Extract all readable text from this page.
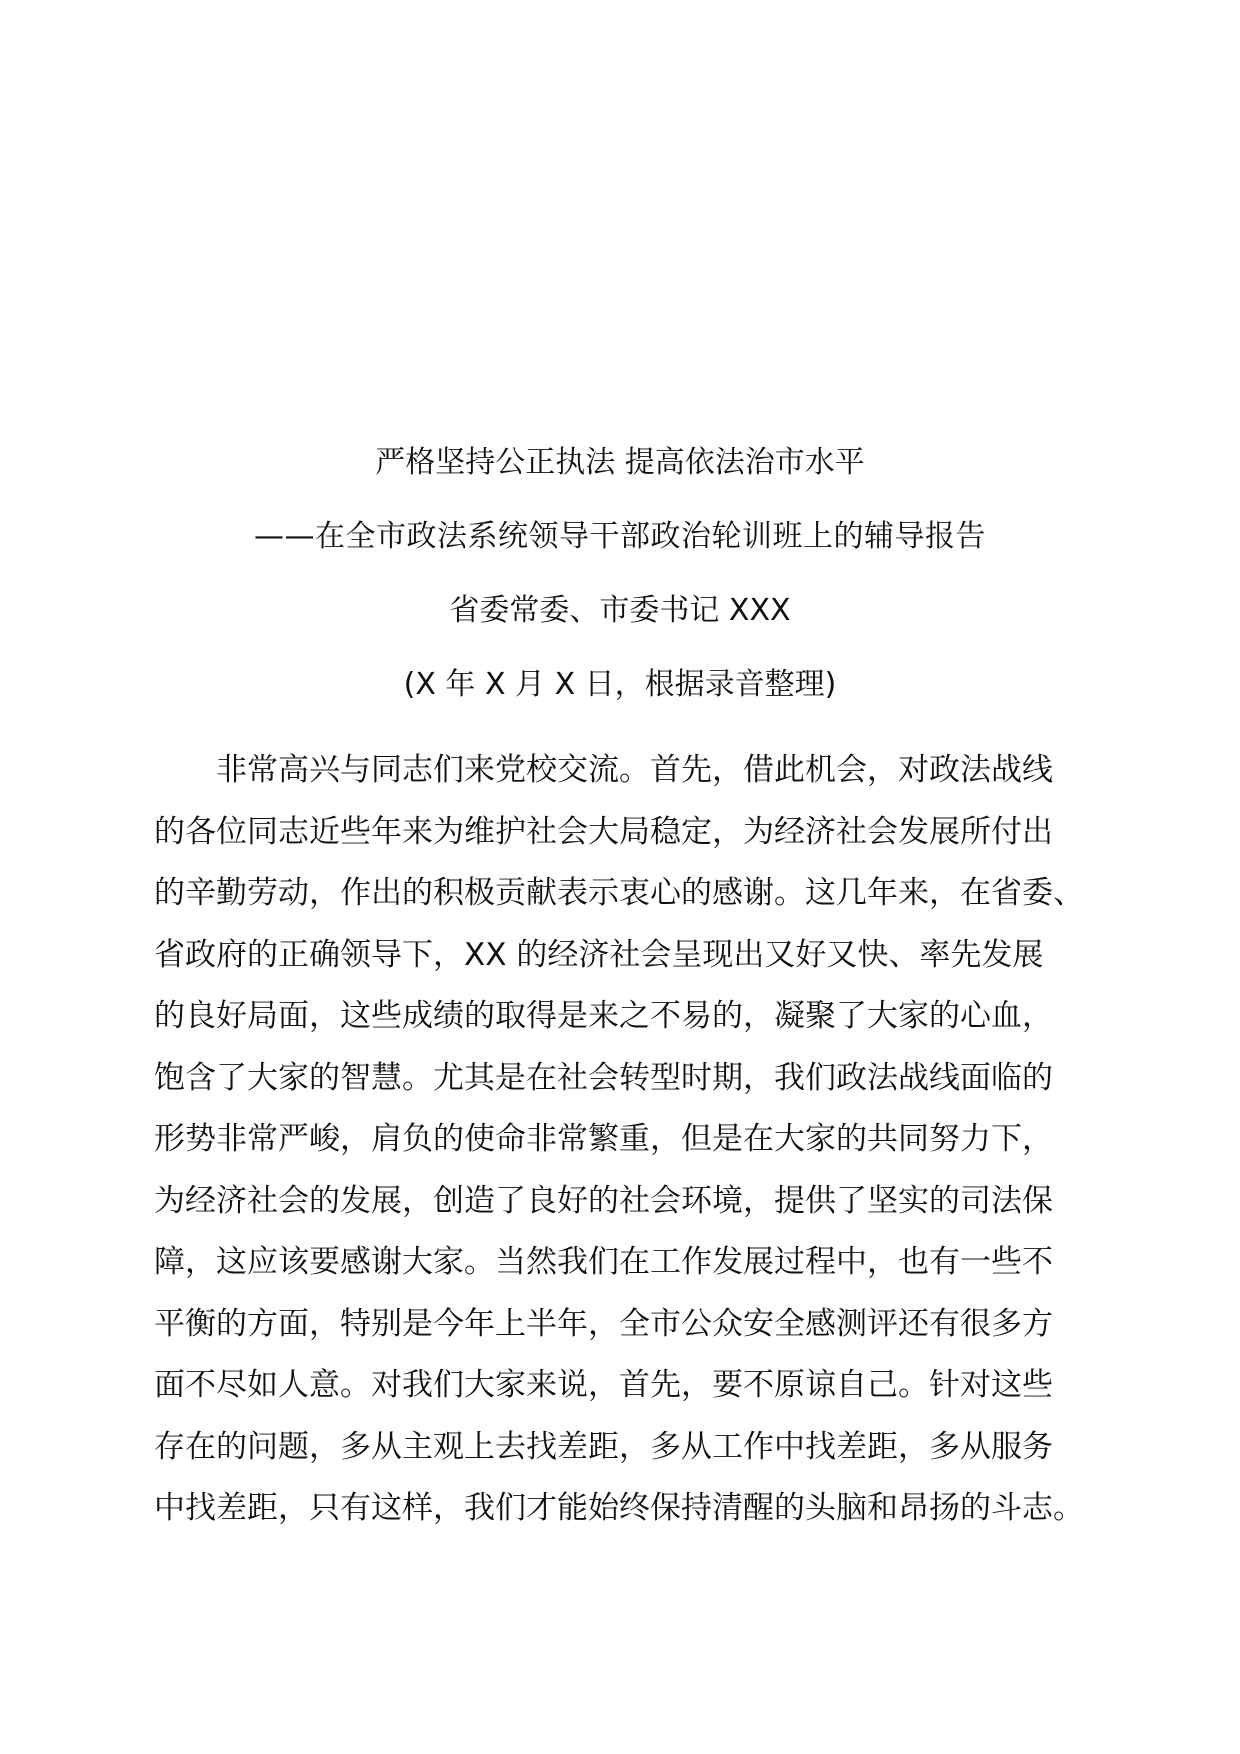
严格坚持公正执法 提高依法治市水平

——在全市政法系统领导干部政治轮训班上的辅导报告

省委常委、市委书记 XXX

(X 年 X 月 X 日，根据录音整理)

非常高兴与同志们来党校交流。首先，借此机会，对政法战线
的各位同志近些年来为维护社会大局稳定，为经济社会发展所付出
的辛勤劳动，作出的积极贡献表示衷心的感谢。这几年来，在省委、
省政府的正确领导下，XX 的经济社会呈现出又好又快、率先发展
的良好局面，这些成绩的取得是来之不易的，凝聚了大家的心血，
饱含了大家的智慧。尤其是在社会转型时期，我们政法战线面临的
形势非常严峻，肩负的使命非常繁重，但是在大家的共同努力下，
为经济社会的发展，创造了良好的社会环境，提供了坚实的司法保
障，这应该要感谢大家。当然我们在工作发展过程中，也有一些不
平衡的方面，特别是今年上半年，全市公众安全感测评还有很多方
面不尽如人意。对我们大家来说，首先，要不原谅自己。针对这些
存在的问题，多从主观上去找差距，多从工作中找差距，多从服务
中找差距，只有这样，我们才能始终保持清醒的头脑和昂扬的斗志。
